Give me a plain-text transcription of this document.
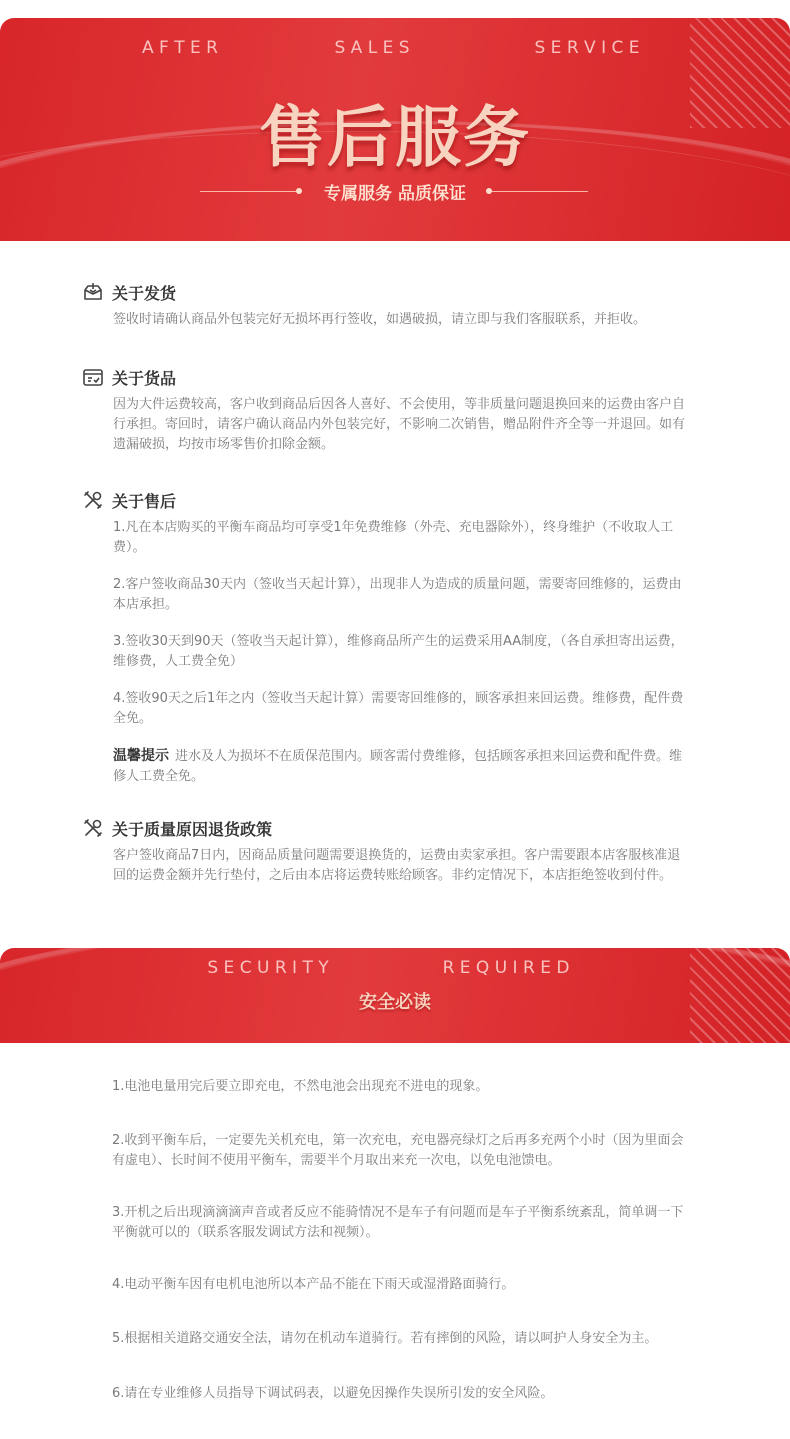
A F T E R	S A L E S	S E R V I C E
售后服务
专属服务 品质保证
关于发货

签收时请确认商品外包装完好无损坏再行签收，如遇破损，请立即与我们客服联系，并拒收。

关于货品

因为大件运费较高，客户收到商品后因各人喜好、不会使用，等非质量问题退换回来的运费由客户自行承担。寄回时，请客户确认商品内外包装完好，不影响二次销售，赠品附件齐全等一并退回。如有遗漏破损，均按市场零售价扣除金额。

关于售后

1.凡在本店购买的平衡车商品均可享受1年免费维修（外壳、充电器除外），终身维护（不收取人工费）。

2.客户签收商品30天内（签收当天起计算），出现非人为造成的质量问题，需要寄回维修的，运费由本店承担。

3.签收30天到90天（签收当天起计算），维修商品所产生的运费采用AA制度，（各自承担寄出运费，维修费，人工费全免）

4.签收90天之后1年之内（签收当天起计算）需要寄回维修的，顾客承担来回运费。维修费，配件费全免。

温馨提示 进水及人为损坏不在质保范围内。顾客需付费维修，包括顾客承担来回运费和配件费。维修人工费全免。

关于质量原因退货政策

客户签收商品7日内，因商品质量问题需要退换货的，运费由卖家承担。客户需要跟本店客服核准退回的运费金额并先行垫付，之后由本店将运费转账给顾客。非约定情况下，本店拒绝签收到付件。

S E C U R I T Y	R E Q U I R E D
安全必读

1.电池电量用完后要立即充电，不然电池会出现充不进电的现象。

2.收到平衡车后，一定要先关机充电，第一次充电，充电器亮绿灯之后再多充两个小时（因为里面会有虚电）、长时间不使用平衡车，需要半个月取出来充一次电，以免电池馈电。

3.开机之后出现滴滴滴声音或者反应不能骑情况不是车子有问题而是车子平衡系统紊乱，简单调一下平衡就可以的（联系客服发调试方法和视频）。

4.电动平衡车因有电机电池所以本产品不能在下雨天或湿滑路面骑行。

5.根据相关道路交通安全法，请勿在机动车道骑行。若有摔倒的风险，请以呵护人身安全为主。

6.请在专业维修人员指导下调试码表，以避免因操作失误所引发的安全风险。
